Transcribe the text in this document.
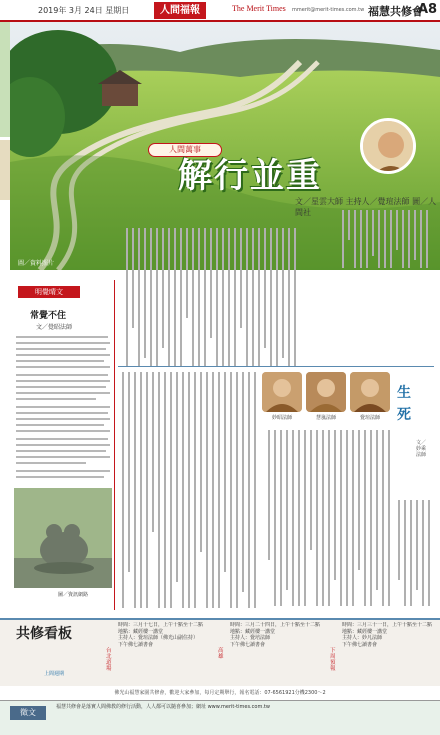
2019年 3月 24日 星期日	人間福報	The Merit Times mmerit@merit-times.com.tw 福慧共修會
A8
人間萬事
解行並重
文／星雲大師 主持人／覺瑄法師 圖／人間社
圖／資料照片
明覺晴文
常覺不住
文／覺昭法師
圖／資訊網路
妙昭法師	慧嵐法師	覺瑄法師
生死
文／妙乘法師
共修看板
上間週期
台北道場
時間：三月十七日，上午十點至十二點
地點：藏經樓一講堂
主持人：覺瑄法師（佛光山副住持）
下午佛七讀書會
高雄
時間：三月二十四日，上午十點至十二點
地點：藏經樓一講堂
主持人：覺培法師
下午佛七讀書會
下周預報
時間：三月三十一日，上午十點至十二點
地點：藏經樓一講堂
主持人：妙凡法師
下午佛七讀書會
佛光山福慧家園共修會，歡迎大家參加，每月定期舉行，報名電話：07-6561921分機2300～2
徵文
福慧共修會是落實人間佛教的修行活動，人人都可以隨喜參加；網址 www.merit-times.com.tw
